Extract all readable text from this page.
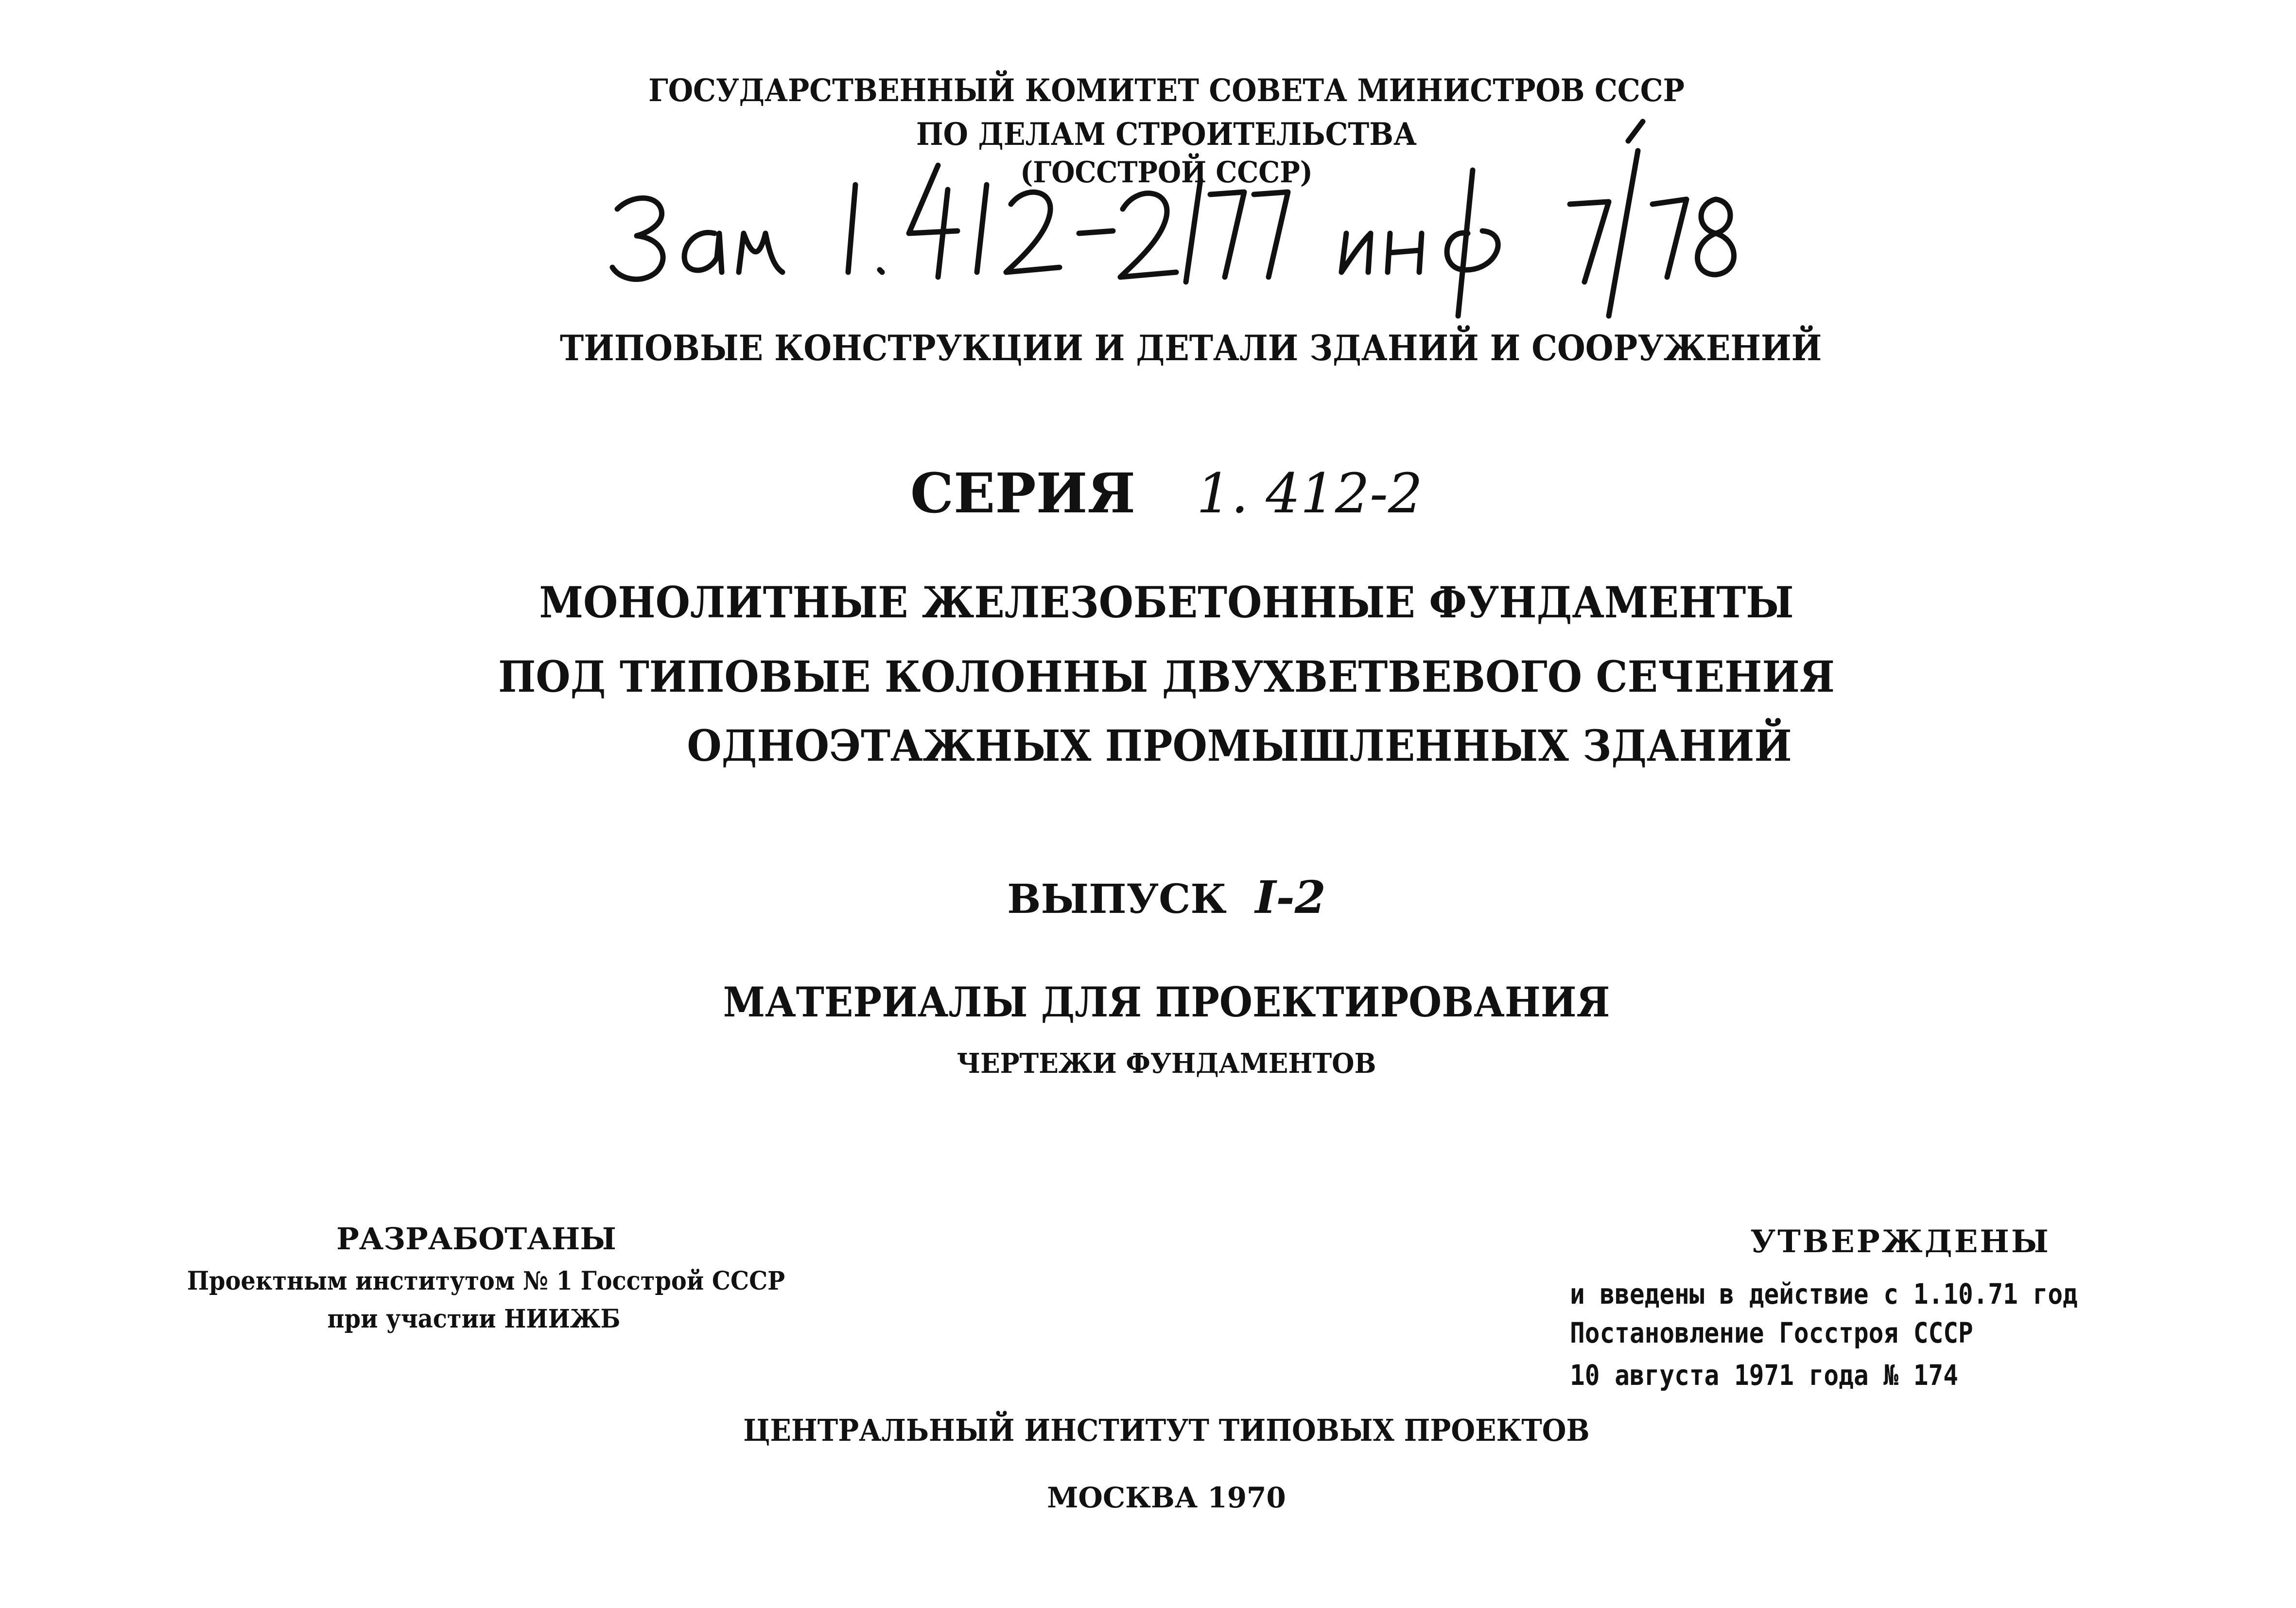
ГОСУДАРСТВЕННЫЙ КОМИТЕТ СОВЕТА МИНИСТРОВ СССР

ПО ДЕЛАМ СТРОИТЕЛЬСТВА

(ГОССТРОЙ СССР)

ТИПОВЫЕ КОНСТРУКЦИИ И ДЕТАЛИ ЗДАНИЙ И СООРУЖЕНИЙ

СЕРИЯ 1. 412-2

МОНОЛИТНЫЕ ЖЕЛЕЗОБЕТОННЫЕ ФУНДАМЕНТЫ

ПОД ТИПОВЫЕ КОЛОННЫ ДВУХВЕТВЕВОГО СЕЧЕНИЯ

ОДНОЭТАЖНЫХ ПРОМЫШЛЕННЫХ ЗДАНИЙ

ВЫПУСК I-2

МАТЕРИАЛЫ ДЛЯ ПРОЕКТИРОВАНИЯ

ЧЕРТЕЖИ ФУНДАМЕНТОВ

РАЗРАБОТАНЫ

Проектным институтом № 1 Госстрой СССР

при участии НИИЖБ

УТВЕРЖДЕНЫ

и введены в действие с 1.10.71 год

Постановление Госстроя СССР

10 августа 1971 года № 174

ЦЕНТРАЛЬНЫЙ ИНСТИТУТ ТИПОВЫХ ПРОЕКТОВ

МОСКВА 1970
